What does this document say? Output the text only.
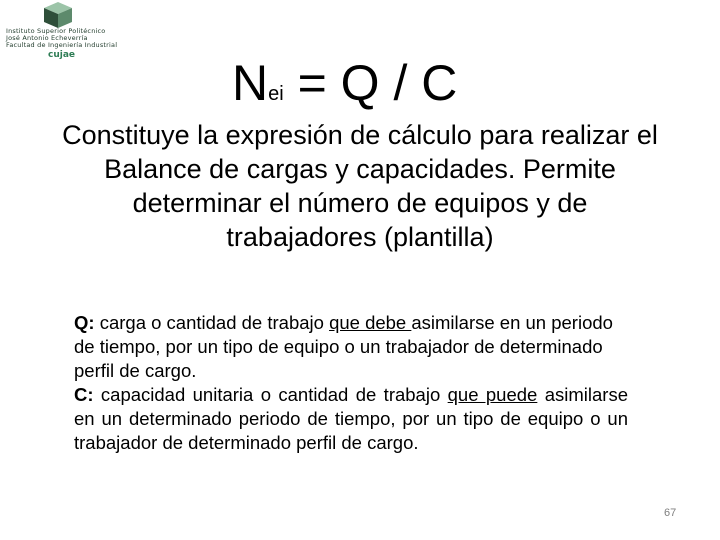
Instituto Superior Politécnico
José Antonio Echeverría
Facultad de Ingeniería Industrial
cujae	Nei = Q / C
Constituye la expresión de cálculo para realizar el Balance de cargas y capacidades. Permite determinar el número de equipos y de trabajadores (plantilla)
Q: carga o cantidad de trabajo que debe asimilarse en un periodo de tiempo, por un tipo de equipo o un trabajador de determinado perfil de cargo.
C: capacidad unitaria o cantidad de trabajo que puede asimilarse en un determinado periodo de tiempo, por un tipo de equipo o un trabajador de determinado perfil de cargo.
67
